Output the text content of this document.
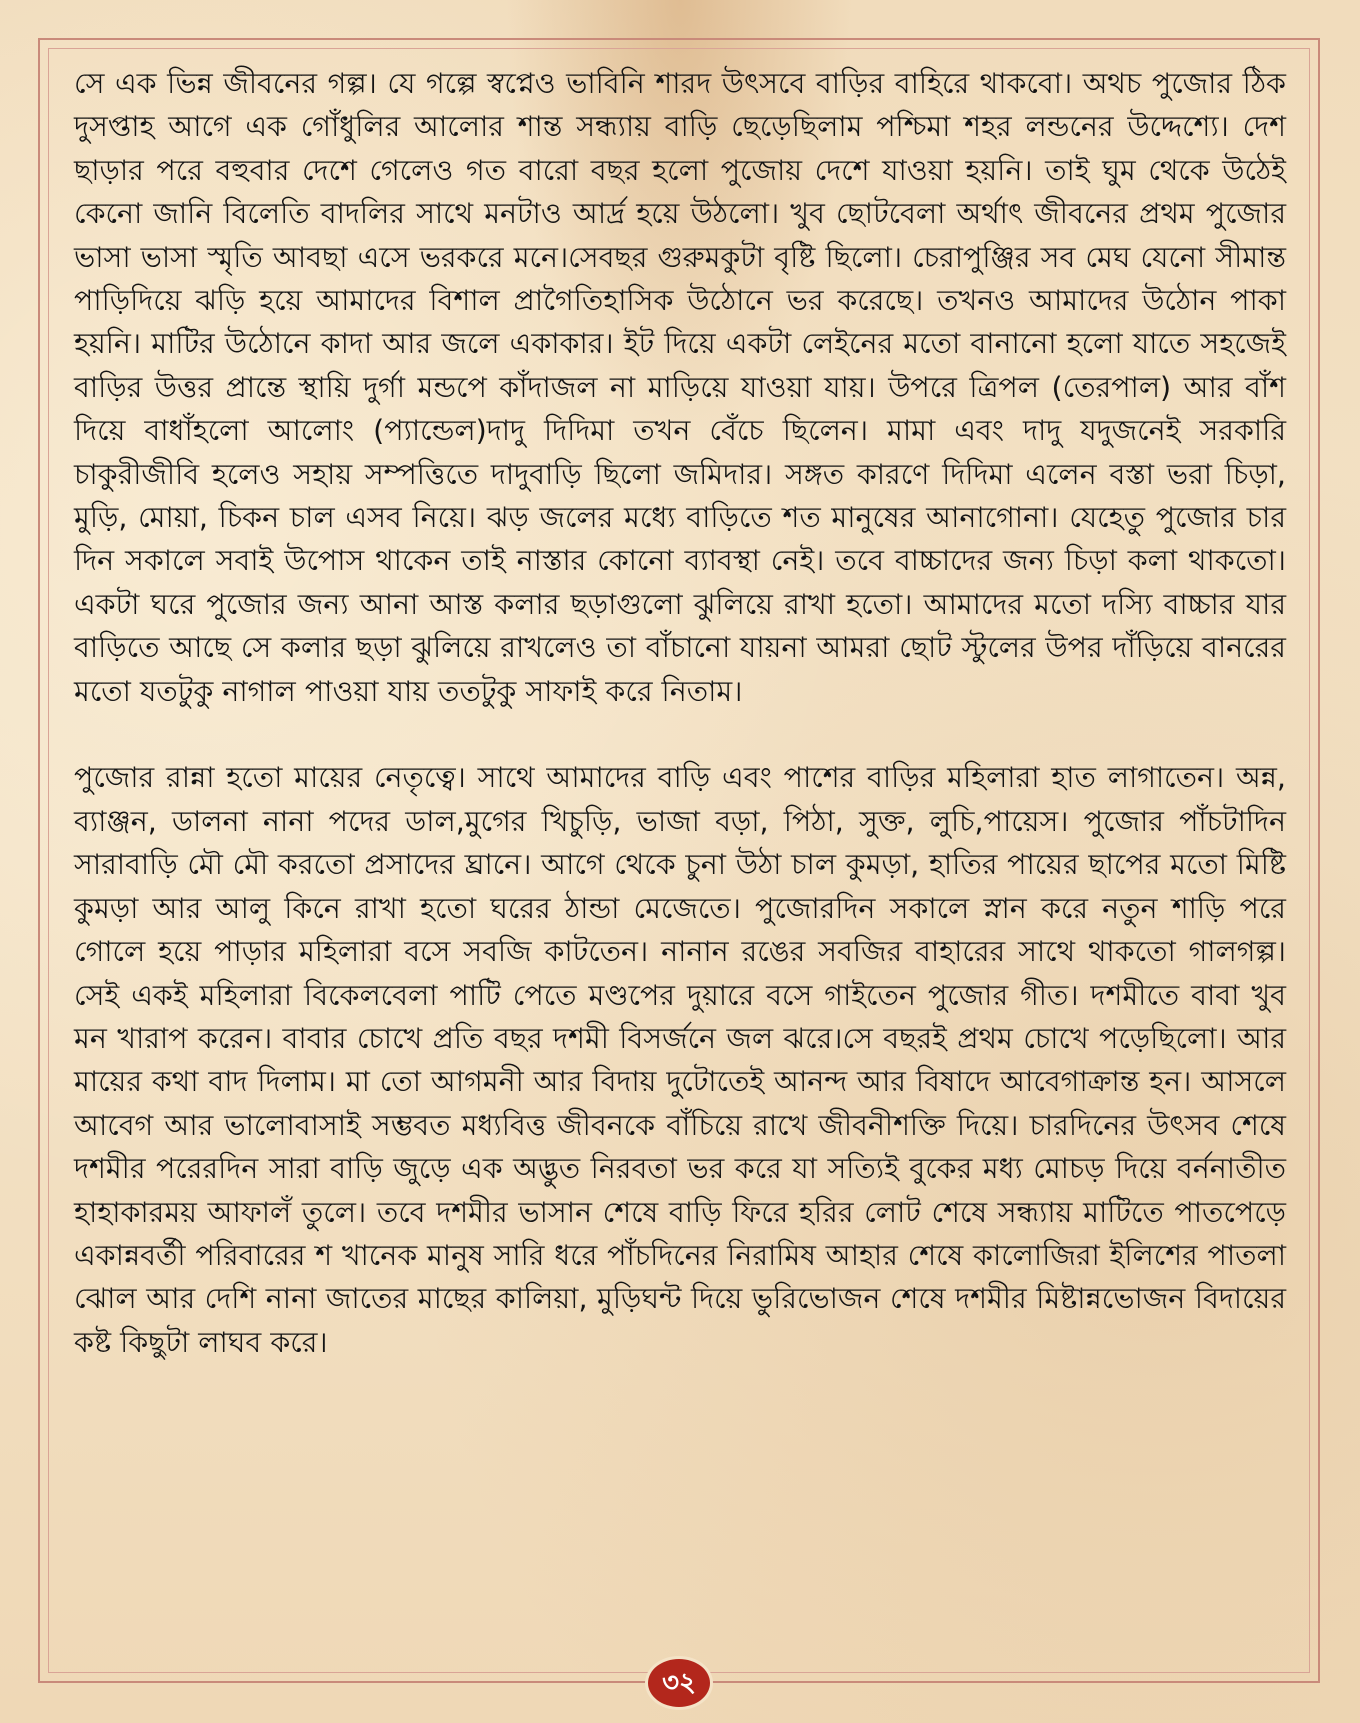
সে এক ভিন্ন জীবনের গল্প। যে গল্পে স্বপ্নেও ভাবিনি শারদ উৎসবে বাড়ির বাহিরে থাকবো। অথচ পুজোর ঠিক দুসপ্তাহ আগে এক গোঁধুলির আলোর শান্ত সন্ধ্যায় বাড়ি ছেড়েছিলাম পশ্চিমা শহর লন্ডনের উদ্দেশ্যে। দেশ ছাড়ার পরে বহুবার দেশে গেলেও গত বারো বছর হলো পুজোয় দেশে যাওয়া হয়নি। তাই ঘুম থেকে উঠেই কেনো জানি বিলেতি বাদলির সাথে মনটাও আর্দ্র হয়ে উঠলো। খুব ছোটবেলা অর্থাৎ জীবনের প্রথম পুজোর ভাসা ভাসা স্মৃতি আবছা এসে ভরকরে মনে।সেবছর গুরুমকুটা বৃষ্টি ছিলো। চেরাপুঞ্জির সব মেঘ যেনো সীমান্ত পাড়িদিয়ে ঝড়ি হয়ে আমাদের বিশাল প্রাগৈতিহাসিক উঠোনে ভর করেছে। তখনও আমাদের উঠোন পাকা হয়নি। মাটির উঠোনে কাদা আর জলে একাকার। ইট দিয়ে একটা লেইনের মতো বানানো হলো যাতে সহজেই বাড়ির উত্তর প্রান্তে স্থায়ি দুর্গা মন্ডপে কাঁদাজল না মাড়িয়ে যাওয়া যায়। উপরে ত্রিপল (তেরপাল) আর বাঁশ দিয়ে বাধাঁহলো আলোং (প্যান্ডেল)দাদু দিদিমা তখন বেঁচে ছিলেন। মামা এবং দাদু যদুজনেই সরকারি চাকুরীজীবি হলেও সহায় সম্পত্তিতে দাদুবাড়ি ছিলো জমিদার। সঙ্গত কারণে দিদিমা এলেন বস্তা ভরা চিড়া, মুড়ি, মোয়া, চিকন চাল এসব নিয়ে। ঝড় জলের মধ্যে বাড়িতে শত মানুষের আনাগোনা। যেহেতু পুজোর চার দিন সকালে সবাই উপোস থাকেন তাই নাস্তার কোনো ব্যাবস্থা নেই। তবে বাচ্চাদের জন্য চিড়া কলা থাকতো। একটা ঘরে পুজোর জন্য আনা আস্ত কলার ছড়াগুলো ঝুলিয়ে রাখা হতো। আমাদের মতো দস্যি বাচ্চার যার বাড়িতে আছে সে কলার ছড়া ঝুলিয়ে রাখলেও তা বাঁচানো যায়না আমরা ছোট স্টুলের উপর দাঁড়িয়ে বানরের মতো যতটুকু নাগাল পাওয়া যায় ততটুকু সাফাই করে নিতাম।

পুজোর রান্না হতো মায়ের নেতৃত্বে। সাথে আমাদের বাড়ি এবং পাশের বাড়ির মহিলারা হাত লাগাতেন। অন্ন, ব্যাঞ্জন, ডালনা নানা পদের ডাল,মুগের খিচুড়ি, ভাজা বড়া, পিঠা, সুক্ত, লুচি,পায়েস। পুজোর পাঁচটাদিন সারাবাড়ি মৌ মৌ করতো প্রসাদের ঘ্রানে। আগে থেকে চুনা উঠা চাল কুমড়া, হাতির পায়ের ছাপের মতো মিষ্টি কুমড়া আর আলু কিনে রাখা হতো ঘরের ঠান্ডা মেজেতে। পুজোরদিন সকালে স্নান করে নতুন শাড়ি পরে গোলে হয়ে পাড়ার মহিলারা বসে সবজি কাটতেন। নানান রঙের সবজির বাহারের সাথে থাকতো গালগল্প। সেই একই মহিলারা বিকেলবেলা পাটি পেতে মণ্ডপের দুয়ারে বসে গাইতেন পুজোর গীত। দশমীতে বাবা খুব মন খারাপ করেন। বাবার চোখে প্রতি বছর দশমী বিসর্জনে জল ঝরে।সে বছরই প্রথম চোখে পড়েছিলো। আর মায়ের কথা বাদ দিলাম। মা তো আগমনী আর বিদায় দুটোতেই আনন্দ আর বিষাদে আবেগাক্রান্ত হন। আসলে আবেগ আর ভালোবাসাই সম্ভবত মধ্যবিত্ত জীবনকে বাঁচিয়ে রাখে জীবনীশক্তি দিয়ে। চারদিনের উৎসব শেষে দশমীর পরেরদিন সারা বাড়ি জুড়ে এক অদ্ভুত নিরবতা ভর করে যা সত্যিই বুকের মধ্য মোচড় দিয়ে বর্ননাতীত হাহাকারময় আফালঁ তুলে। তবে দশমীর ভাসান শেষে বাড়ি ফিরে হরির লোট শেষে সন্ধ্যায় মাটিতে পাতপেড়ে একান্নবর্তী পরিবারের শ খানেক মানুষ সারি ধরে পাঁচদিনের নিরামিষ আহার শেষে কালোজিরা ইলিশের পাতলা ঝোল আর দেশি নানা জাতের মাছের কালিয়া, মুড়িঘন্ট দিয়ে ভুরিভোজন শেষে দশমীর মিষ্টান্নভোজন বিদায়ের কষ্ট কিছুটা লাঘব করে।

৩২
